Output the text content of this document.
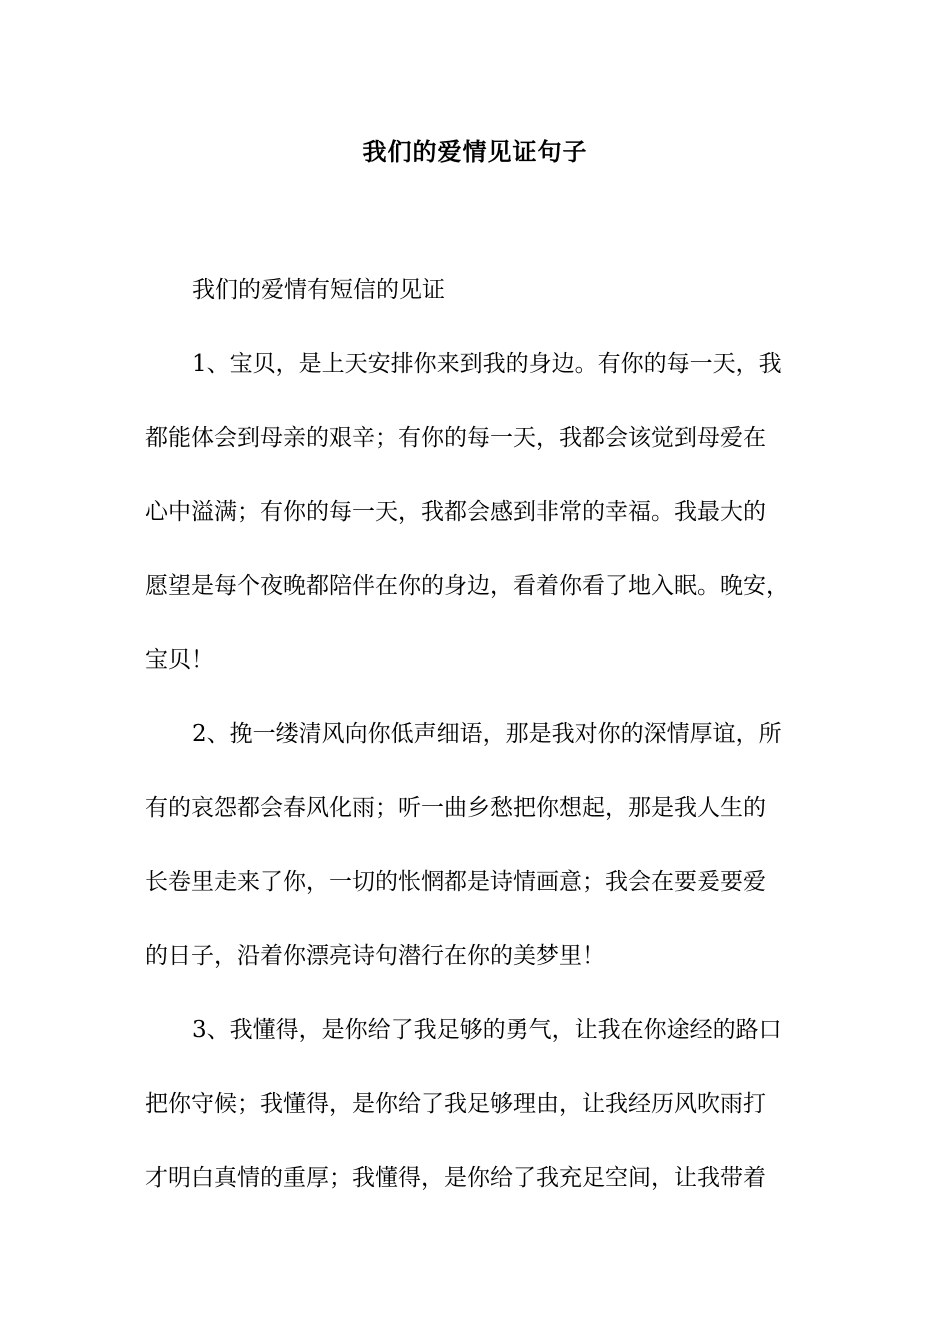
我们的爱情见证句子
我们的爱情有短信的见证
1、宝贝，是上天安排你来到我的身边。有你的每一天，我
都能体会到母亲的艰辛；有你的每一天，我都会该觉到母爱在
心中溢满；有你的每一天，我都会感到非常的幸福。我最大的
愿望是每个夜晚都陪伴在你的身边，看着你看了地入眠。晚安，
宝贝！
2、挽一缕清风向你低声细语，那是我对你的深情厚谊，所
有的哀怨都会春风化雨；听一曲乡愁把你想起，那是我人生的
长卷里走来了你，一切的怅惘都是诗情画意；我会在要爰要爱
的日子，沿着你漂亮诗句潜行在你的美梦里！
3、我懂得，是你给了我足够的勇气，让我在你途经的路口
把你守候；我懂得，是你给了我足够理由，让我经历风吹雨打
才明白真情的重厚；我懂得，是你给了我充足空间，让我带着
